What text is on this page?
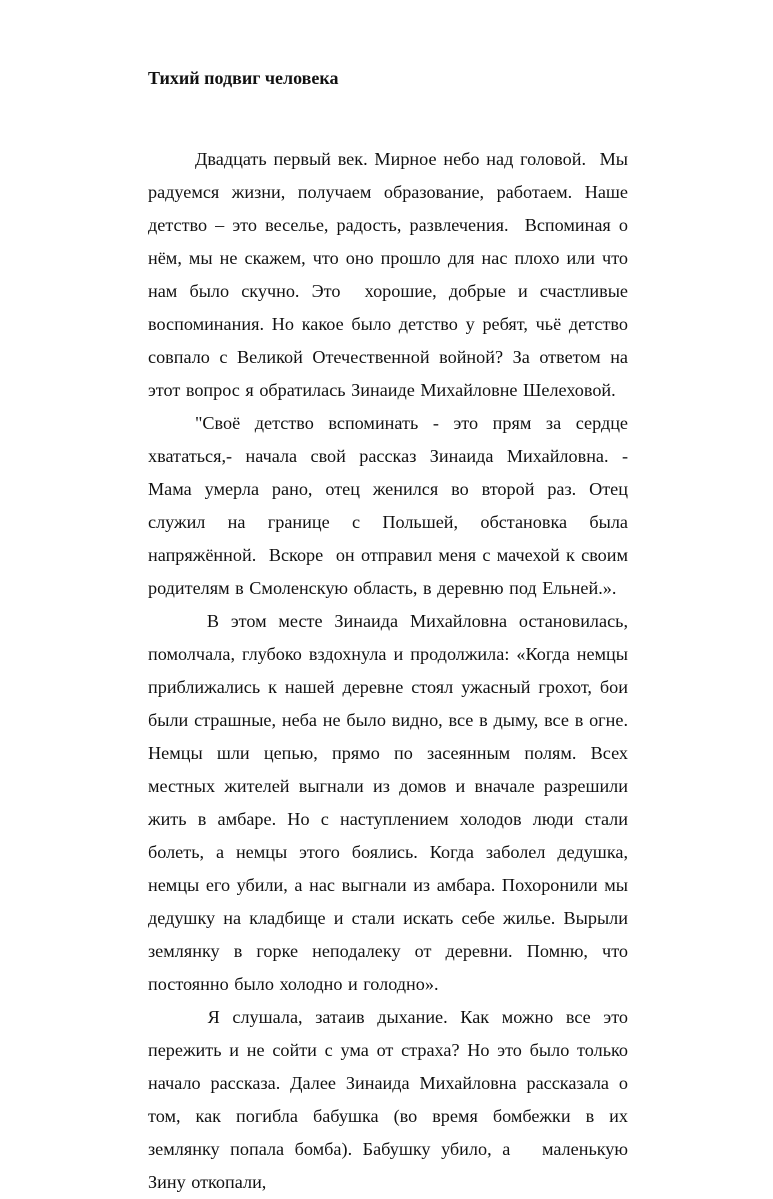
Тихий подвиг человека

Двадцать первый век. Мирное небо над головой.  Мы радуемся жизни, получаем образование, работаем. Наше детство – это веселье, радость, развлечения.  Вспоминая о нём, мы не скажем, что оно прошло для нас плохо или что нам было скучно. Это  хорошие, добрые и счастливые воспоминания. Но какое было детство у ребят, чьё детство совпало с Великой Отечественной войной? За ответом на этот вопрос я обратилась Зинаиде Михайловне Шелеховой.

"Своё детство вспоминать - это прям за сердце хвататься,- начала свой рассказ Зинаида Михайловна. - Мама умерла рано, отец женился во второй раз. Отец служил на границе с Польшей, обстановка была напряжённой.  Вскоре  он отправил меня с мачехой к своим родителям в Смоленскую область, в деревню под Ельней.».

В этом месте Зинаида Михайловна остановилась, помолчала, глубоко вздохнула и продолжила: «Когда немцы приближались к нашей деревне стоял ужасный грохот, бои были страшные, неба не было видно, все в дыму, все в огне. Немцы шли цепью, прямо по засеянным полям. Всех местных жителей выгнали из домов и вначале разрешили жить в амбаре. Но с наступлением холодов люди стали болеть, а немцы этого боялись. Когда заболел дедушка, немцы его убили, а нас выгнали из амбара. Похоронили мы дедушку на кладбище и стали искать себе жилье. Вырыли землянку в горке неподалеку от деревни. Помню, что постоянно было холодно и голодно».

Я слушала, затаив дыхание. Как можно все это пережить и не сойти с ума от страха? Но это было только начало рассказа. Далее Зинаида Михайловна рассказала о том, как погибла бабушка (во время бомбежки в их землянку попала бомба). Бабушку убило, а   маленькую Зину откопали,
